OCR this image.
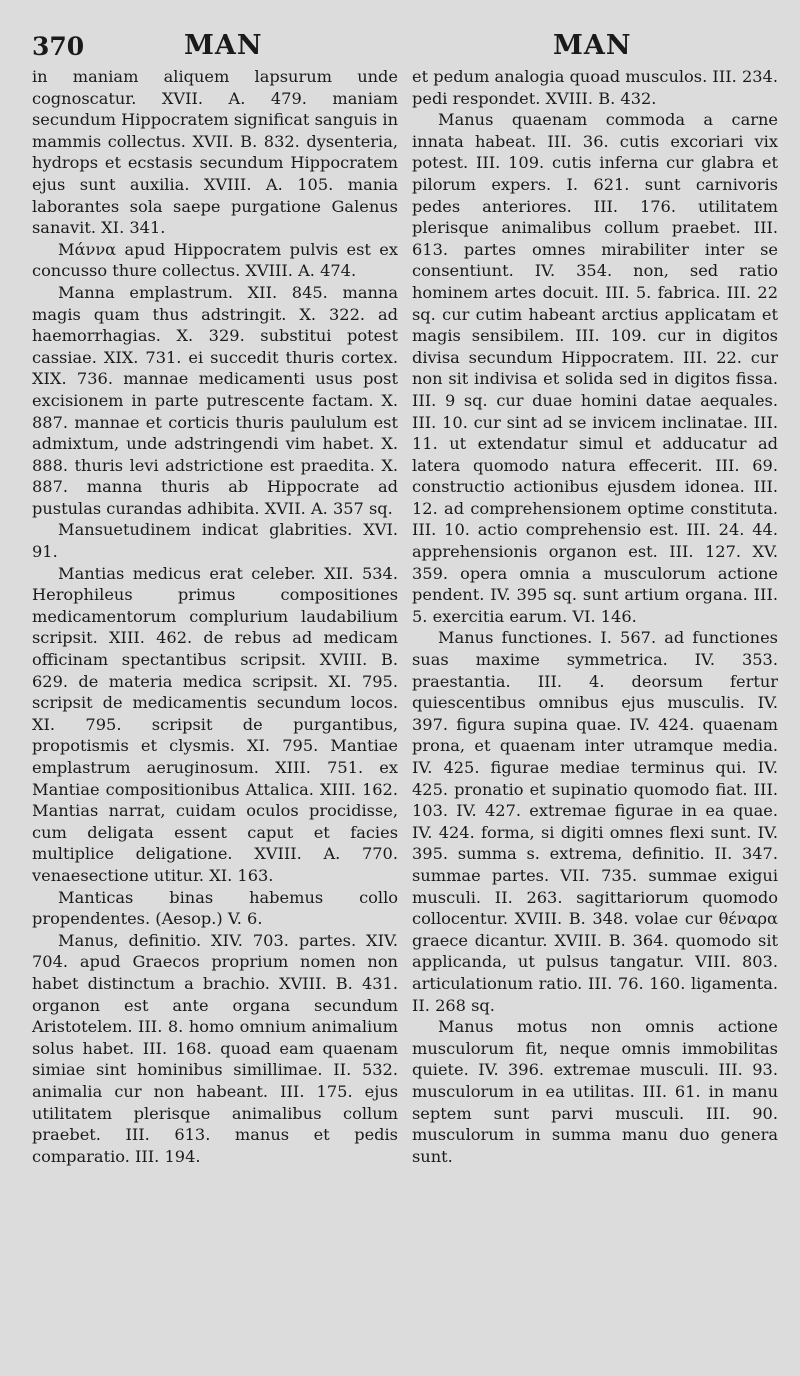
370	MAN	MAN

in maniam aliquem lapsurum unde cognoscatur. XVII. A. 479. maniam secundum Hippocratem significat sanguis in mammis collectus. XVII. B. 832. dysenteria, hydrops et ecstasis secundum Hippocratem ejus sunt auxilia. XVIII. A. 105. mania laborantes sola saepe purgatione Galenus sanavit. XI. 341.

Μάννα apud Hippocratem pulvis est ex concusso thure collectus. XVIII. A. 474.

Manna emplastrum. XII. 845. manna magis quam thus adstringit. X. 322. ad haemorrhagias. X. 329. substitui potest cassiae. XIX. 731. ei succedit thuris cortex. XIX. 736. mannae medicamenti usus post excisionem in parte putrescente factam. X. 887. mannae et corticis thuris paululum est admixtum, unde adstringendi vim habet. X. 888. thuris levi adstrictione est praedita. X. 887. manna thuris ab Hippocrate ad pustulas curandas adhibita. XVII. A. 357 sq.

Mansuetudinem indicat glabrities. XVI. 91.

Mantias medicus erat celeber. XII. 534. Herophileus primus compositiones medicamentorum complurium laudabilium scripsit. XIII. 462. de rebus ad medicam officinam spectantibus scripsit. XVIII. B. 629. de materia medica scripsit. XI. 795. scripsit de medicamentis secundum locos. XI. 795. scripsit de purgantibus, propotismis et clysmis. XI. 795. Mantiae emplastrum aeruginosum. XIII. 751. ex Mantiae compositionibus Attalica. XIII. 162. Mantias narrat, cuidam oculos procidisse, cum deligata essent caput et facies multiplice deligatione. XVIII. A. 770. venaesectione utitur. XI. 163.

Manticas binas habemus collo propendentes. (Aesop.) V. 6.

Manus, definitio. XIV. 703. partes. XIV. 704. apud Graecos proprium nomen non habet distinctum a brachio. XVIII. B. 431. organon est ante organa secundum Aristotelem. III. 8. homo omnium animalium solus habet. III. 168. quoad eam quaenam simiae sint hominibus simillimae. II. 532. animalia cur non habeant. III. 175. ejus utilitatem plerisque animalibus collum praebet. III. 613. manus et pedis comparatio. III. 194.

et pedum analogia quoad musculos. III. 234. pedi respondet. XVIII. B. 432.

Manus quaenam commoda a carne innata habeat. III. 36. cutis excoriari vix potest. III. 109. cutis inferna cur glabra et pilorum expers. I. 621. sunt carnivoris pedes anteriores. III. 176. utilitatem plerisque animalibus collum praebet. III. 613. partes omnes mirabiliter inter se consentiunt. IV. 354. non, sed ratio hominem artes docuit. III. 5. fabrica. III. 22 sq. cur cutim habeant arctius applicatam et magis sensibilem. III. 109. cur in digitos divisa secundum Hippocratem. III. 22. cur non sit indivisa et solida sed in digitos fissa. III. 9 sq. cur duae homini datae aequales. III. 10. cur sint ad se invicem inclinatae. III. 11. ut extendatur simul et adducatur ad latera quomodo natura effecerit. III. 69. constructio actionibus ejusdem idonea. III. 12. ad comprehensionem optime constituta. III. 10. actio comprehensio est. III. 24. 44. apprehensionis organon est. III. 127. XV. 359. opera omnia a musculorum actione pendent. IV. 395 sq. sunt artium organa. III. 5. exercitia earum. VI. 146.

Manus functiones. I. 567. ad functiones suas maxime symmetrica. IV. 353. praestantia. III. 4. deorsum fertur quiescentibus omnibus ejus musculis. IV. 397. figura supina quae. IV. 424. quaenam prona, et quaenam inter utramque media. IV. 425. figurae mediae terminus qui. IV. 425. pronatio et supinatio quomodo fiat. III. 103. IV. 427. extremae figurae in ea quae. IV. 424. forma, si digiti omnes flexi sunt. IV. 395. summa s. extrema, definitio. II. 347. summae partes. VII. 735. summae exigui musculi. II. 263. sagittariorum quomodo collocentur. XVIII. B. 348. volae cur θέναρα graece dicantur. XVIII. B. 364. quomodo sit applicanda, ut pulsus tangatur. VIII. 803. articulationum ratio. III. 76. 160. ligamenta. II. 268 sq.

Manus motus non omnis actione musculorum fit, neque omnis immobilitas quiete. IV. 396. extremae musculi. III. 93. musculorum in ea utilitas. III. 61. in manu septem sunt parvi musculi. III. 90. musculorum in summa manu duo genera sunt.
